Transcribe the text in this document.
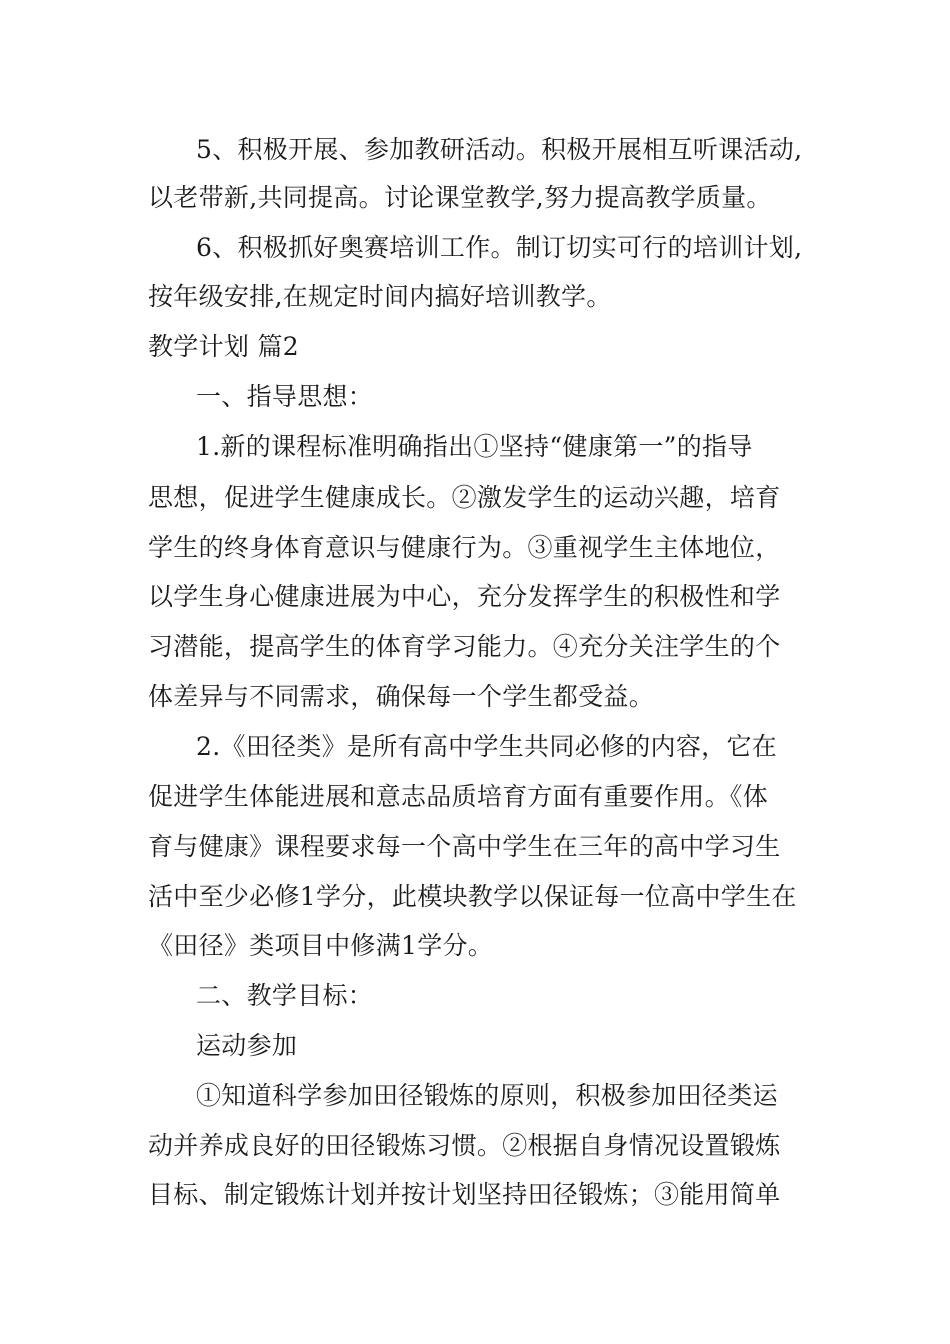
5、积极开展、参加教研活动。积极开展相互听课活动,
以老带新,共同提高。讨论课堂教学,努力提高教学质量。
6、积极抓好奥赛培训工作。制订切实可行的培训计划,
按年级安排,在规定时间内搞好培训教学。
教学计划 篇2
一、指导思想：
1.新的课程标准明确指出①坚持“健康第一”的指导
思想，促进学生健康成长。②激发学生的运动兴趣，培育
学生的终身体育意识与健康行为。③重视学生主体地位，
以学生身心健康进展为中心，充分发挥学生的积极性和学
习潜能，提高学生的体育学习能力。④充分关注学生的个
体差异与不同需求，确保每一个学生都受益。
2.《田径类》是所有高中学生共同必修的内容，它在
促进学生体能进展和意志品质培育方面有重要作用。《体
育与健康》课程要求每一个高中学生在三年的高中学习生
活中至少必修1学分，此模块教学以保证每一位高中学生在
《田径》类项目中修满1学分。
二、教学目标：
运动参加
①知道科学参加田径锻炼的原则，积极参加田径类运
动并养成良好的田径锻炼习惯。②根据自身情况设置锻炼
目标、制定锻炼计划并按计划坚持田径锻炼；③能用简单
